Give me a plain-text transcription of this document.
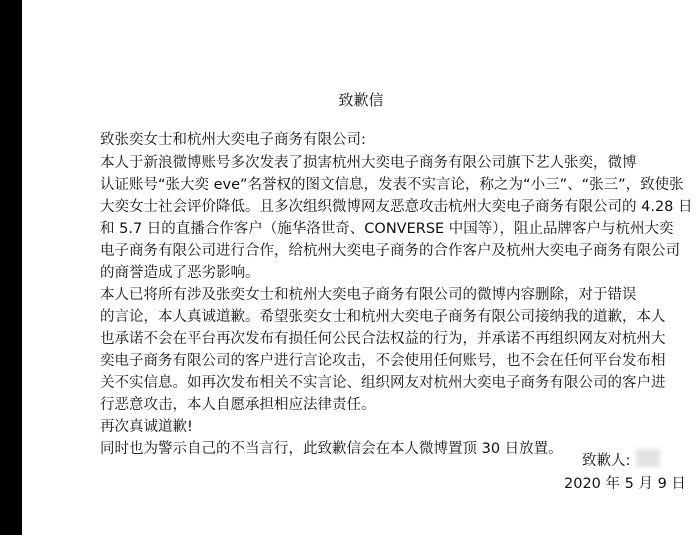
致歉信
致张奕女士和杭州大奕电子商务有限公司:
本人于新浪微博账号多次发表了损害杭州大奕电子商务有限公司旗下艺人张奕，微博
认证账号“张大奕 eve”名誉权的图文信息，发表不实言论，称之为“小三”、“张三”，致使张
大奕女士社会评价降低。且多次组织微博网友恶意攻击杭州大奕电子商务有限公司的 4.28 日
和 5.7 日的直播合作客户（施华洛世奇、CONVERSE 中国等），阻止品牌客户与杭州大奕
电子商务有限公司进行合作，给杭州大奕电子商务的合作客户及杭州大奕电子商务有限公司
的商誉造成了恶劣影响。
本人已将所有涉及张奕女士和杭州大奕电子商务有限公司的微博内容删除，对于错误
的言论，本人真诚道歉。希望张奕女士和杭州大奕电子商务有限公司接纳我的道歉，本人
也承诺不会在平台再次发布有损任何公民合法权益的行为，并承诺不再组织网友对杭州大
奕电子商务有限公司的客户进行言论攻击，不会使用任何账号，也不会在任何平台发布相
关不实信息。如再次发布相关不实言论、组织网友对杭州大奕电子商务有限公司的客户进
行恶意攻击，本人自愿承担相应法律责任。
再次真诚道歉!
同时也为警示自己的不当言行，此致歉信会在本人微博置顶 30 日放置。
致歉人:
2020 年 5 月 9 日
